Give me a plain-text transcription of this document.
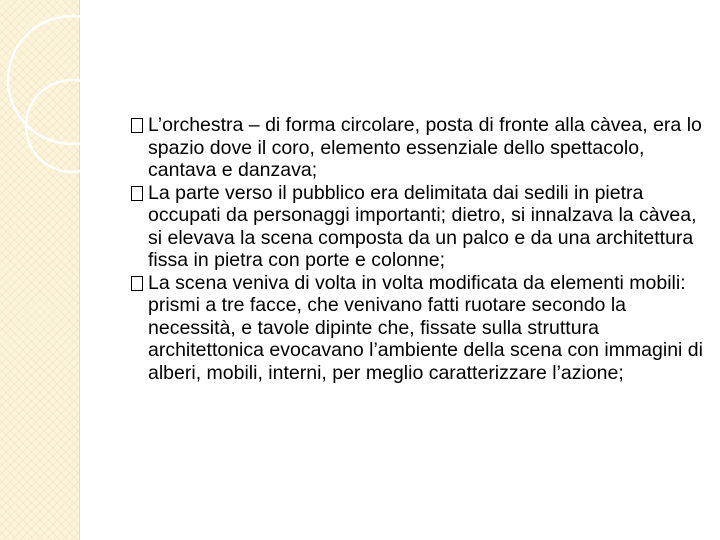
L’orchestra – di forma circolare, posta di fronte alla càvea, era lo spazio dove il coro, elemento essenziale dello spettacolo, cantava e danzava;

La parte verso il pubblico era delimitata dai sedili in pietra occupati da personaggi importanti; dietro, si innalzava la càvea, si elevava la scena composta da un palco e da una architettura fissa in pietra con porte e colonne;

La scena veniva di volta in volta modificata da elementi mobili: prismi a tre facce, che venivano fatti ruotare secondo la necessità, e tavole dipinte che, fissate sulla struttura architettonica evocavano l’ambiente della scena con immagini di alberi, mobili, interni, per meglio caratterizzare l’azione;
